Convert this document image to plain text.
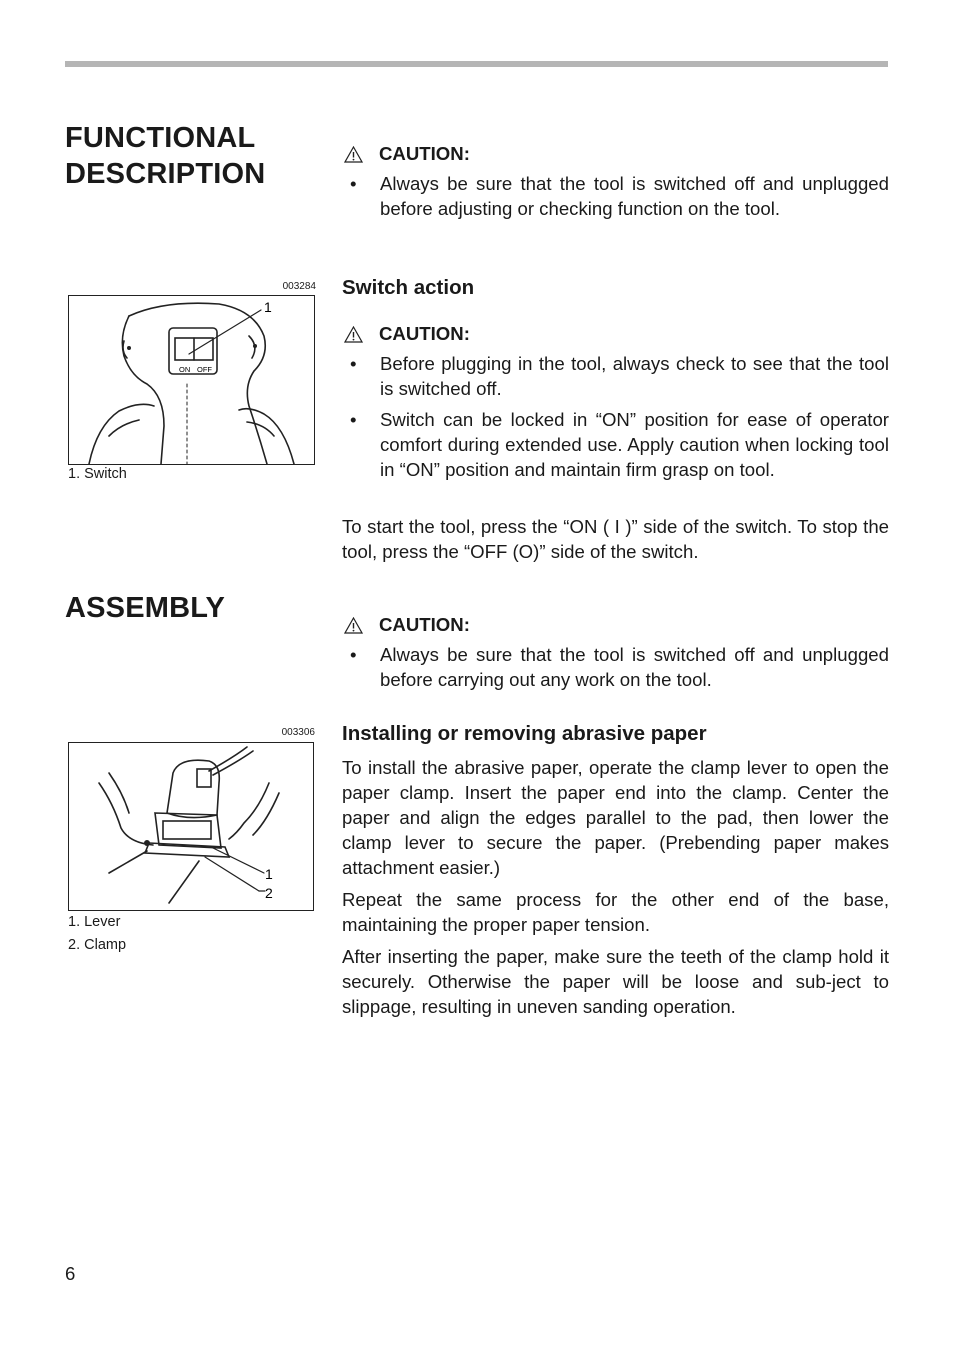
FUNCTIONAL
DESCRIPTION
003284
ON OFF
1
1. Switch
ASSEMBLY
003306
1
2
1. Lever
2. Clamp
CAUTION:
• Always be sure that the tool is switched off and unplugged before adjusting or checking function on the tool.
Switch action
CAUTION:
• Before plugging in the tool, always check to see that the tool is switched off.
• Switch can be locked in “ON” position for ease of operator comfort during extended use. Apply caution when locking tool in “ON” position and maintain firm grasp on tool.

To start the tool, press the “ON ( I )” side of the switch. To stop the tool, press the “OFF (O)” side of the switch.

CAUTION:
• Always be sure that the tool is switched off and unplugged before carrying out any work on the tool.
Installing or removing abrasive paper

To install the abrasive paper, operate the clamp lever to open the paper clamp. Insert the paper end into the clamp. Center the paper and align the edges parallel to the pad, then lower the clamp lever to secure the paper. (Prebending paper makes attachment easier.)

Repeat the same process for the other end of the base, maintaining the proper paper tension.

After inserting the paper, make sure the teeth of the clamp hold it securely. Otherwise the paper will be loose and sub-ject to slippage, resulting in uneven sanding operation.

6
